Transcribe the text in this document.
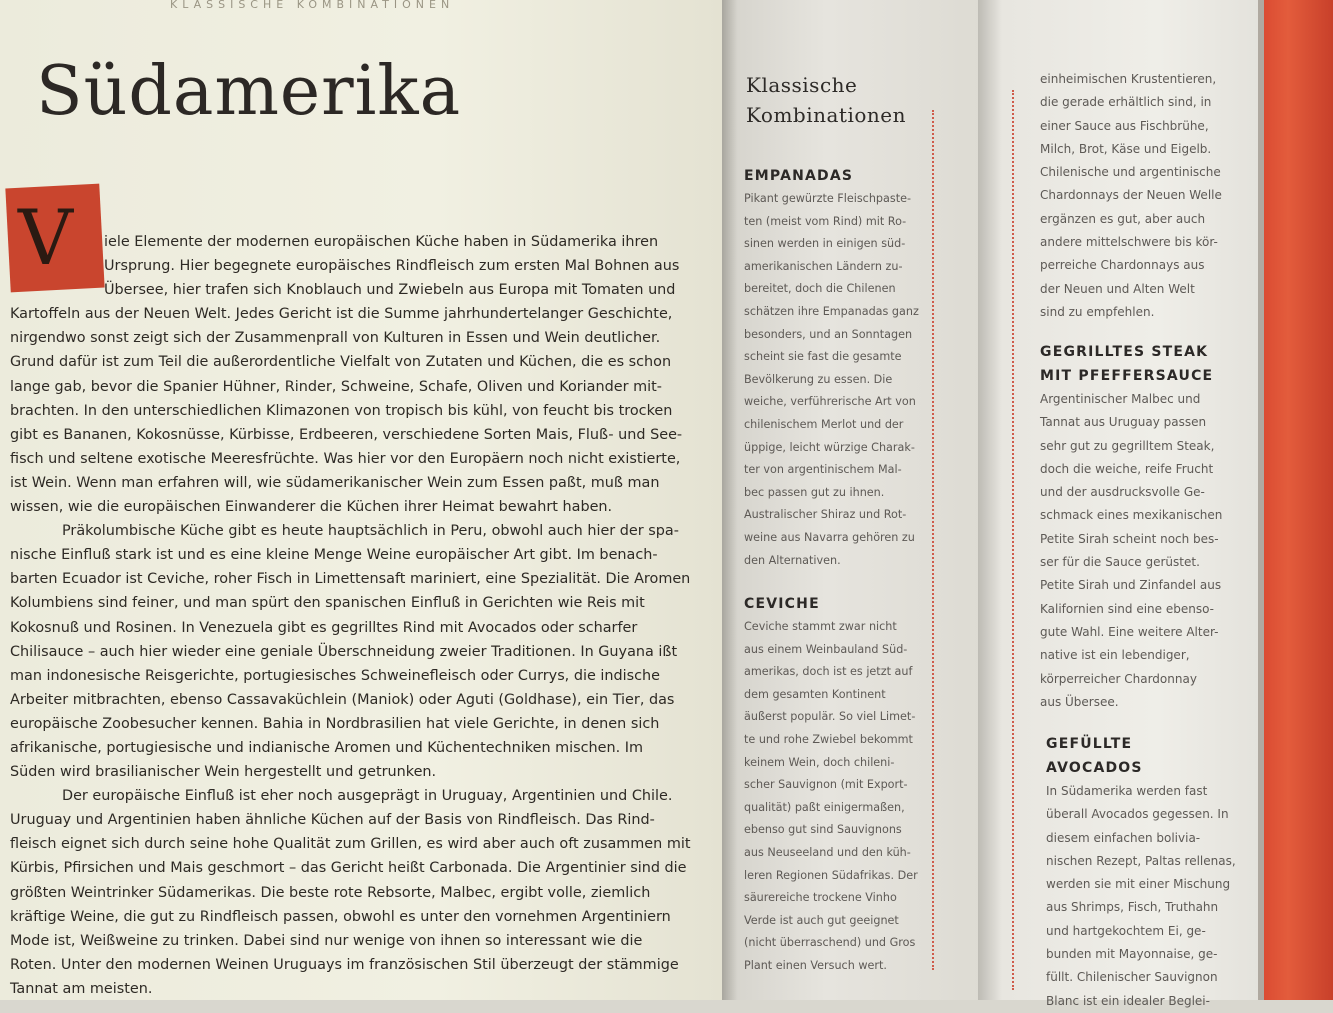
KLASSISCHE KOMBINATIONEN
Südamerika
V	iele Elemente der modernen europäischen Küche haben in Südamerika ihren
Ursprung. Hier begegnete europäisches Rindfleisch zum ersten Mal Bohnen aus
Übersee, hier trafen sich Knoblauch und Zwiebeln aus Europa mit Tomaten und
Kartoffeln aus der Neuen Welt. Jedes Gericht ist die Summe jahrhundertelanger Geschichte,
nirgendwo sonst zeigt sich der Zusammenprall von Kulturen in Essen und Wein deutlicher.
Grund dafür ist zum Teil die außerordentliche Vielfalt von Zutaten und Küchen, die es schon
lange gab, bevor die Spanier Hühner, Rinder, Schweine, Schafe, Oliven und Koriander mit-
brachten. In den unterschiedlichen Klimazonen von tropisch bis kühl, von feucht bis trocken
gibt es Bananen, Kokosnüsse, Kürbisse, Erdbeeren, verschiedene Sorten Mais, Fluß- und See-
fisch und seltene exotische Meeresfrüchte. Was hier vor den Europäern noch nicht existierte,
ist Wein. Wenn man erfahren will, wie südamerikanischer Wein zum Essen paßt, muß man
wissen, wie die europäischen Einwanderer die Küchen ihrer Heimat bewahrt haben.
Präkolumbische Küche gibt es heute hauptsächlich in Peru, obwohl auch hier der spa-
nische Einfluß stark ist und es eine kleine Menge Weine europäischer Art gibt. Im benach-
barten Ecuador ist Ceviche, roher Fisch in Limettensaft mariniert, eine Spezialität. Die Aromen
Kolumbiens sind feiner, und man spürt den spanischen Einfluß in Gerichten wie Reis mit
Kokosnuß und Rosinen. In Venezuela gibt es gegrilltes Rind mit Avocados oder scharfer
Chilisauce – auch hier wieder eine geniale Überschneidung zweier Traditionen. In Guyana ißt
man indonesische Reisgerichte, portugiesisches Schweinefleisch oder Currys, die indische
Arbeiter mitbrachten, ebenso Cassavaküchlein (Maniok) oder Aguti (Goldhase), ein Tier, das
europäische Zoobesucher kennen. Bahia in Nordbrasilien hat viele Gerichte, in denen sich
afrikanische, portugiesische und indianische Aromen und Küchentechniken mischen. Im
Süden wird brasilianischer Wein hergestellt und getrunken.
Der europäische Einfluß ist eher noch ausgeprägt in Uruguay, Argentinien und Chile.
Uruguay und Argentinien haben ähnliche Küchen auf der Basis von Rindfleisch. Das Rind-
fleisch eignet sich durch seine hohe Qualität zum Grillen, es wird aber auch oft zusammen mit
Kürbis, Pfirsichen und Mais geschmort – das Gericht heißt Carbonada. Die Argentinier sind die
größten Weintrinker Südamerikas. Die beste rote Rebsorte, Malbec, ergibt volle, ziemlich
kräftige Weine, die gut zu Rindfleisch passen, obwohl es unter den vornehmen Argentiniern
Mode ist, Weißweine zu trinken. Dabei sind nur wenige von ihnen so interessant wie die
Roten. Unter den modernen Weinen Uruguays im französischen Stil überzeugt der stämmige
Tannat am meisten.
Klassische
Kombinationen
EMPANADAS
Pikant gewürzte Fleischpaste-
ten (meist vom Rind) mit Ro-
sinen werden in einigen süd-
amerikanischen Ländern zu-
bereitet, doch die Chilenen
schätzen ihre Empanadas ganz
besonders, und an Sonntagen
scheint sie fast die gesamte
Bevölkerung zu essen. Die
weiche, verführerische Art von
chilenischem Merlot und der
üppige, leicht würzige Charak-
ter von argentinischem Mal-
bec passen gut zu ihnen.
Australischer Shiraz und Rot-
weine aus Navarra gehören zu
den Alternativen.
CEVICHE
Ceviche stammt zwar nicht
aus einem Weinbauland Süd-
amerikas, doch ist es jetzt auf
dem gesamten Kontinent
äußerst populär. So viel Limet-
te und rohe Zwiebel bekommt
keinem Wein, doch chileni-
scher Sauvignon (mit Export-
qualität) paßt einigermaßen,
ebenso gut sind Sauvignons
aus Neuseeland und den küh-
leren Regionen Südafrikas. Der
säurereiche trockene Vinho
Verde ist auch gut geeignet
(nicht überraschend) und Gros
Plant einen Versuch wert.
einheimischen Krustentieren,
die gerade erhältlich sind, in
einer Sauce aus Fischbrühe,
Milch, Brot, Käse und Eigelb.
Chilenische und argentinische
Chardonnays der Neuen Welle
ergänzen es gut, aber auch
andere mittelschwere bis kör-
perreiche Chardonnays aus
der Neuen und Alten Welt
sind zu empfehlen.
GEGRILLTES STEAK
MIT PFEFFERSAUCE
Argentinischer Malbec und
Tannat aus Uruguay passen
sehr gut zu gegrilltem Steak,
doch die weiche, reife Frucht
und der ausdrucksvolle Ge-
schmack eines mexikanischen
Petite Sirah scheint noch bes-
ser für die Sauce gerüstet.
Petite Sirah und Zinfandel aus
Kalifornien sind eine ebenso-
gute Wahl. Eine weitere Alter-
native ist ein lebendiger,
körperreicher Chardonnay
aus Übersee.
GEFÜLLTE
AVOCADOS
In Südamerika werden fast
überall Avocados gegessen. In
diesem einfachen bolivia-
nischen Rezept, Paltas rellenas,
werden sie mit einer Mischung
aus Shrimps, Fisch, Truthahn
und hartgekochtem Ei, ge-
bunden mit Mayonnaise, ge-
füllt. Chilenischer Sauvignon
Blanc ist ein idealer Beglei-
